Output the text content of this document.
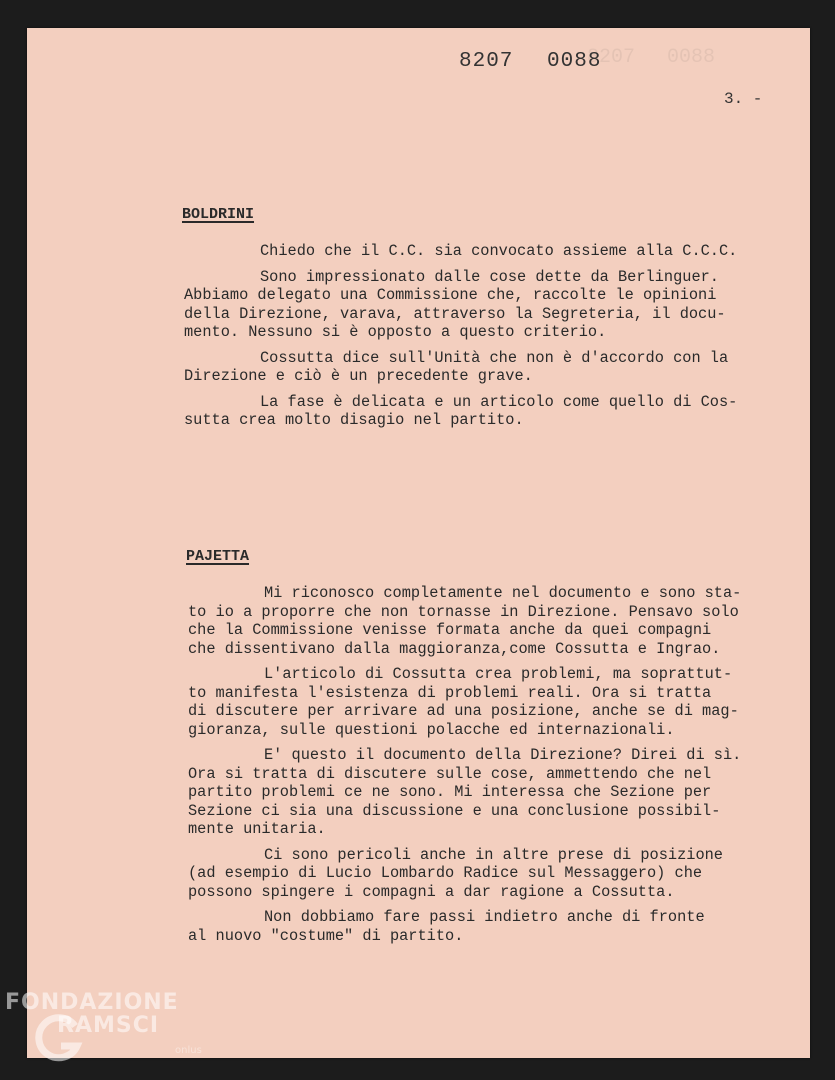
8207 0088
8207 0088
3. -
BOLDRINI

Chiedo che il C.C. sia convocato assieme alla C.C.C.

Sono impressionato dalle cose dette da Berlinguer.
Abbiamo delegato una Commissione che, raccolte le opinioni
della Direzione, varava, attraverso la Segreteria, il docu-
mento. Nessuno si è opposto a questo criterio.

Cossutta dice sull'Unità che non è d'accordo con la
Direzione e ciò è un precedente grave.

La fase è delicata e un articolo come quello di Cos-
sutta crea molto disagio nel partito.

PAJETTA

Mi riconosco completamente nel documento e sono sta-
to io a proporre che non tornasse in Direzione. Pensavo solo
che la Commissione venisse formata anche da quei compagni
che dissentivano dalla maggioranza,come Cossutta e Ingrao.

L'articolo di Cossutta crea problemi, ma soprattut-
to manifesta l'esistenza di problemi reali. Ora si tratta
di discutere per arrivare ad una posizione, anche se di mag-
gioranza, sulle questioni polacche ed internazionali.

E' questo il documento della Direzione? Direi di sì.
Ora si tratta di discutere sulle cose, ammettendo che nel
partito problemi ce ne sono. Mi interessa che Sezione per
Sezione ci sia una discussione e una conclusione possibil-
mente unitaria.

Ci sono pericoli anche in altre prese di posizione
(ad esempio di Lucio Lombardo Radice sul Messaggero) che
possono spingere i compagni a dar ragione a Cossutta.

Non dobbiamo fare passi indietro anche di fronte
al nuovo "costume" di partito.

FONDAZIONE
RAMSCI
onlus
